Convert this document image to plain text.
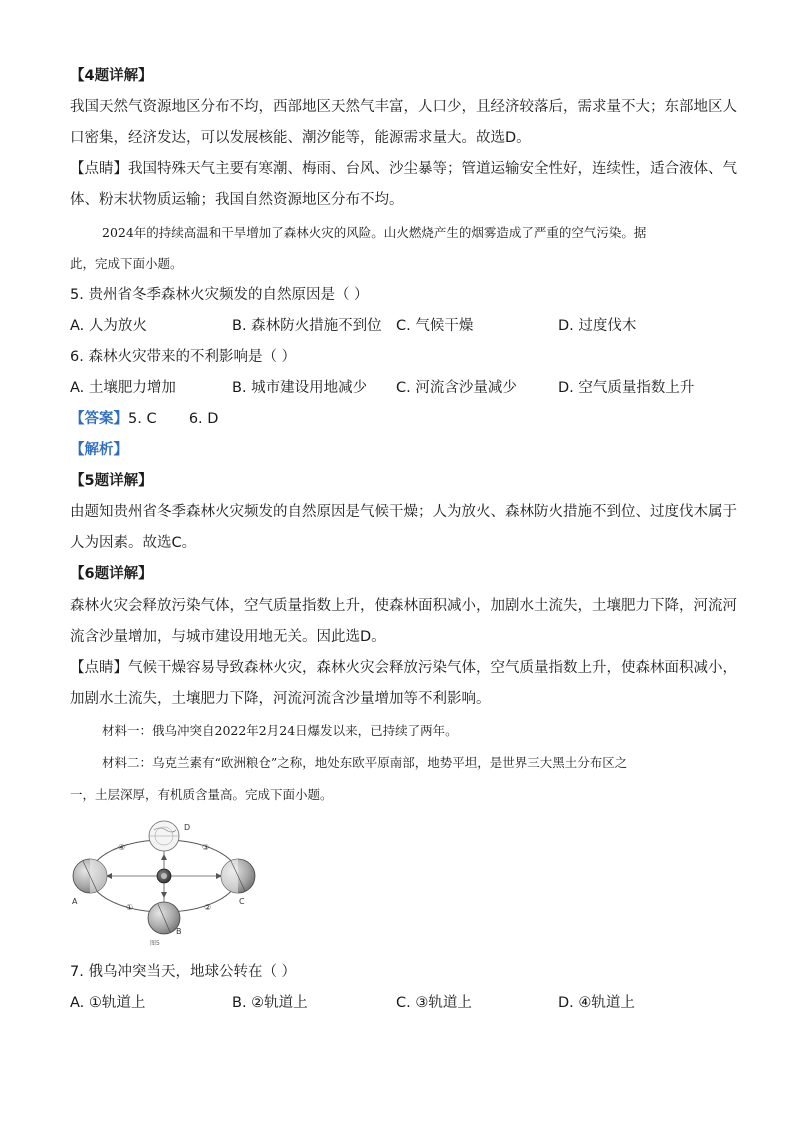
【4题详解】
我国天然气资源地区分布不均，西部地区天然气丰富，人口少，且经济较落后，需求量不大；东部地区人
口密集，经济发达，可以发展核能、潮汐能等，能源需求量大。故选D。
【点睛】我国特殊天气主要有寒潮、梅雨、台风、沙尘暴等；管道运输安全性好，连续性，适合液体、气
体、粉末状物质运输；我国自然资源地区分布不均。
2024年的持续高温和干旱增加了森林火灾的风险。山火燃烧产生的烟雾造成了严重的空气污染。据
此，完成下面小题。
5. 贵州省冬季森林火灾频发的自然原因是（ ）
A. 人为放火	B. 森林防火措施不到位 C. 气候干燥	D. 过度伐木
6. 森林火灾带来的不利影响是（ ）
A. 土壤肥力增加	B. 城市建设用地减少 C. 河流含沙量减少	D. 空气质量指数上升
【答案】5. C       6. D
【解析】
【5题详解】
由题知贵州省冬季森林火灾频发的自然原因是气候干燥；人为放火、森林防火措施不到位、过度伐木属于
人为因素。故选C。
【6题详解】
森林火灾会释放污染气体，空气质量指数上升，使森林面积减小，加剧水土流失，土壤肥力下降，河流河
流含沙量增加，与城市建设用地无关。因此选D。
【点睛】气候干燥容易导致森林火灾，森林火灾会释放污染气体，空气质量指数上升，使森林面积减小，
加剧水土流失，土壤肥力下降，河流河流含沙量增加等不利影响。
材料一：俄乌冲突自2022年2月24日爆发以来，已持续了两年。
材料二：乌克兰素有“欧洲粮仓”之称，地处东欧平原南部，地势平坦，是世界三大黑土分布区之
一，土层深厚，有机质含量高。完成下面小题。
A
B
C
D
①	②
③
④
图5
7. 俄乌冲突当天，地球公转在（ ）
A. ①轨道上	B. ②轨道上	C. ③轨道上	D. ④轨道上
